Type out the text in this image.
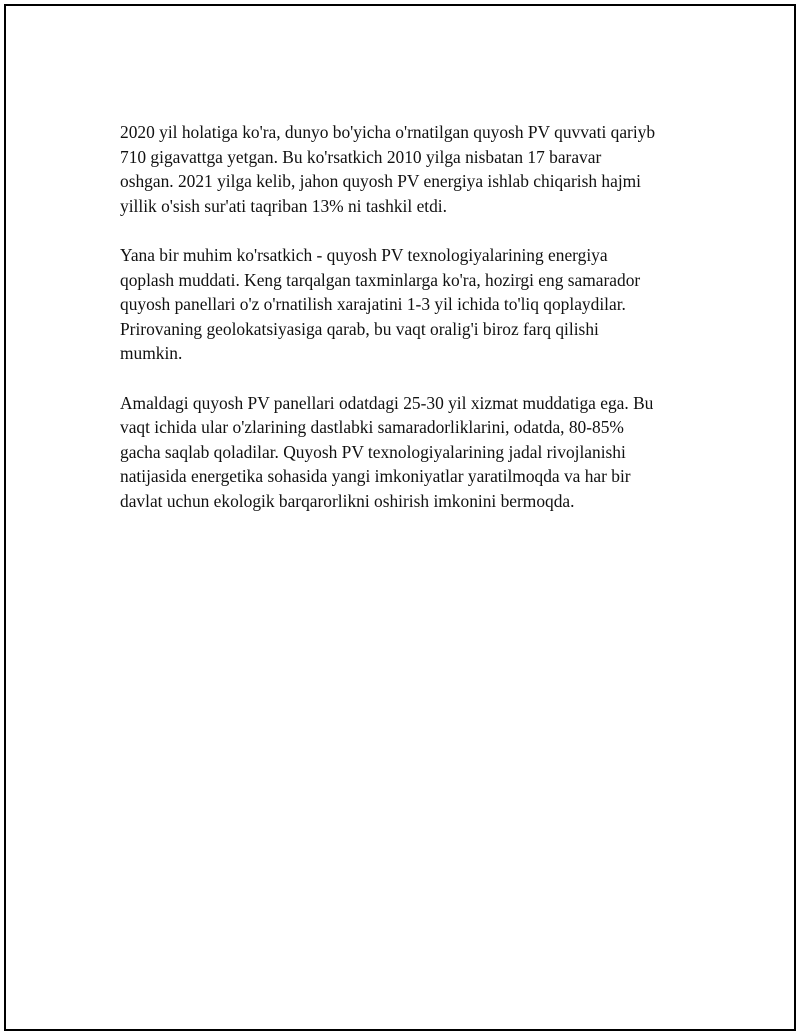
2020 yil holatiga ko'ra, dunyo bo'yicha o'rnatilgan quyosh PV quvvati qariyb
710 gigavattga yetgan. Bu ko'rsatkich 2010 yilga nisbatan 17 baravar
oshgan. 2021 yilga kelib, jahon quyosh PV energiya ishlab chiqarish hajmi
yillik o'sish sur'ati taqriban 13% ni tashkil etdi.

Yana bir muhim ko'rsatkich - quyosh PV texnologiyalarining energiya
qoplash muddati. Keng tarqalgan taxminlarga ko'ra, hozirgi eng samarador
quyosh panellari o'z o'rnatilish xarajatini 1-3 yil ichida to'liq qoplaydilar.
Prirovaning geolokatsiyasiga qarab, bu vaqt oralig'i biroz farq qilishi
mumkin.

Amaldagi quyosh PV panellari odatdagi 25-30 yil xizmat muddatiga ega. Bu
vaqt ichida ular o'zlarining dastlabki samaradorliklarini, odatda, 80-85%
gacha saqlab qoladilar. Quyosh PV texnologiyalarining jadal rivojlanishi
natijasida energetika sohasida yangi imkoniyatlar yaratilmoqda va har bir
davlat uchun ekologik barqarorlikni oshirish imkonini bermoqda.
